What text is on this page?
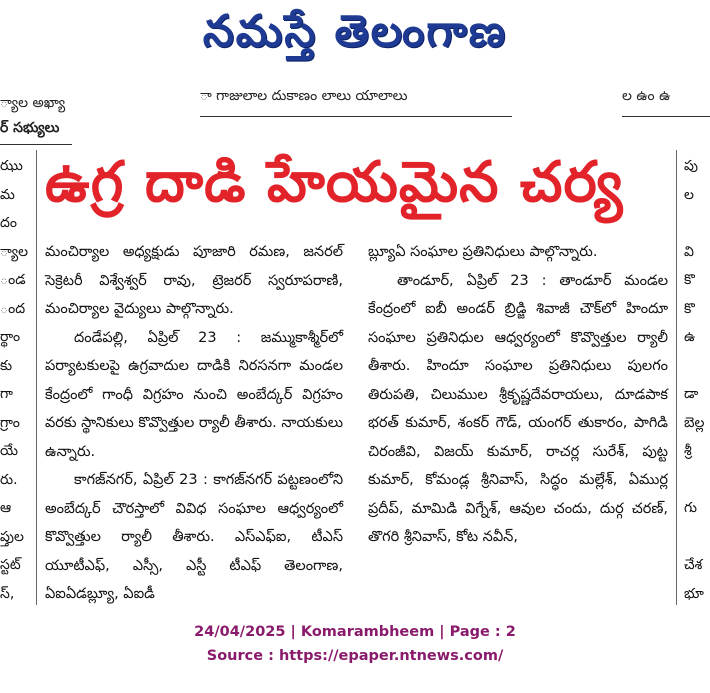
నమస్తే తెలంగాణ
్యాల అఖ్యా
ర్ సభ్యులు
ా గాజులాల దుకాణం లాలు యాలాలు	ల ఉం ఉ
ఉగ్ర దాడి హేయమైన చర్య
ఝు
మ
దం
్యాల
ండ
ంద
ర్థాం
కు
గా
గ్రాం
యే
రు.
ఆ
ప్తుల
స్టట్
స్,

మంచిర్యాల అధ్యక్షుడు పూజారి రమణ, జనరల్ సెక్రెటరీ విశ్వేశ్వర్ రావు, ట్రెజరర్ స్వరూపరాణి, మంచిర్యాల వైద్యులు పాల్గొన్నారు.

దండేపల్లి, ఏప్రిల్ 23 : జమ్ముకాశ్మీర్‌లో పర్యాటకులపై ఉగ్రవాదుల దాడికి నిరసనగా మండల కేంద్రంలో గాంధీ విగ్రహం నుంచి అంబేద్కర్ విగ్రహం వరకు స్థానికులు కొవ్వొత్తుల ర్యాలీ తీశారు. నాయకులు ఉన్నారు.

కాగజ్‌నగర్, ఏప్రిల్ 23 : కాగజ్‌నగర్ పట్టణంలోని అంబేద్కర్ చౌరస్తాలో వివిధ సంఘాల ఆధ్వర్యంలో కొవ్వొత్తుల ర్యాలీ తీశారు. ఎస్ఎఫ్ఐ, టీఎస్ యూటీఎఫ్, ఎస్సీ, ఎస్టీ టీఎఫ్ తెలంగాణ, ఏఐఏడబ్ల్యూ, ఏఐడీ

బ్ల్యూఏ సంఘాల ప్రతినిధులు పాల్గొన్నారు.

తాండూర్, ఏప్రిల్ 23 : తాండూర్ మండల కేంద్రంలో ఐబీ అండర్ బ్రిడ్జి శివాజీ చౌక్‌లో హిందూ సంఘాల ప్రతినిధుల ఆధ్వర్యంలో కొవ్వొత్తుల ర్యాలీ తీశారు. హిందూ సంఘాల ప్రతినిధులు పులగం తిరుపతి, చిలుముల శ్రీకృష్ణదేవరాయలు, దూడపాక భరత్ కుమార్, శంకర్ గౌడ్, యంగర్ తుకారం, పాగిడి చిరంజీవి, విజయ్ కుమార్, రాచర్ల సురేశ్, పుట్ట కుమార్, కోమండ్ల శ్రీనివాస్, సిద్ధం మల్లేశ్, ఏముర్ల ప్రదీప్, మామిడి విగ్నేశ్, ఆవుల చందు, దుర్గ చరణ్, తొగరి శ్రీనివాస్, కోట నవీన్,

పు
ల
వి
కొ
కొ
ఉ
డా
బెల్ల
శ్రీ
గు
చేశ
భూ
24/04/2025 | Komarambheem | Page : 2
Source : https://epaper.ntnews.com/
